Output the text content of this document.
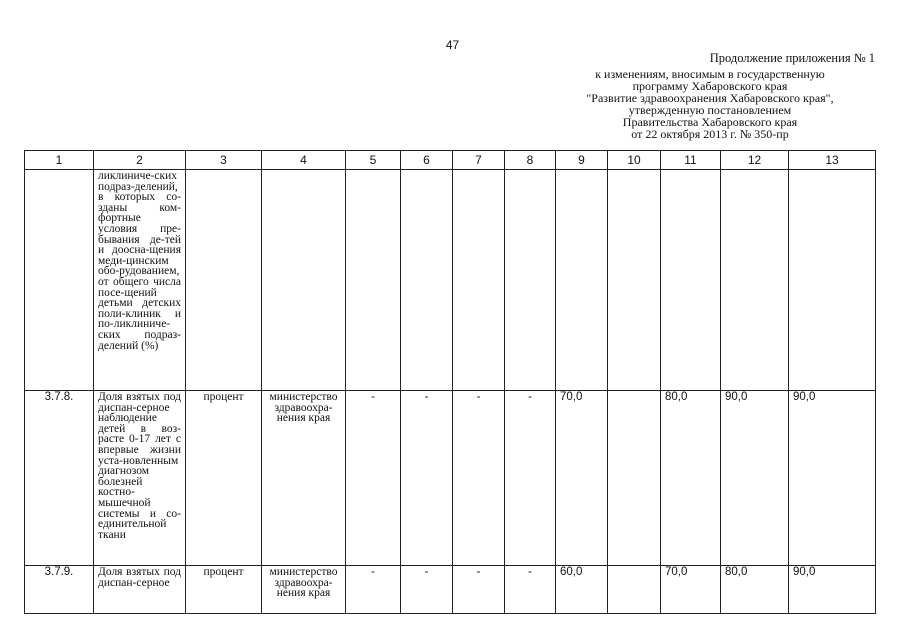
47
Продолжение приложения № 1
к изменениям, вносимым в государственную
программу Хабаровского края
"Развитие здравоохранения Хабаровского края",
утвержденную постановлением
Правительства Хабаровского края
от 22 октября 2013 г. № 350-пр
1	2	3	4	5	6	7	8	9	10	11	12	13
	ликлиниче-ских подраз-делений, в которых со-зданы ком-фортные условия пре-бывания де-тей и дооcна-щения меди-цинским обо-рудованием, от общего числа посе-щений детьми детских поли-клиник и по-ликлиниче-ских подраз-делений (%)											
3.7.8.	Доля взятых под диспан-серное наблюдение детей в воз-расте 0-17 лет с впервые жизни уста-новленным диагнозом болезней костно-мышечной системы и со-единительной ткани	процент	министерство здравоохра-нения края	-	-	-	-	70,0		80,0	90,0	90,0
3.7.9.	Доля взятых под диспан-серное	процент	министерство здравоохра-нения края	-	-	-	-	60,0		70,0	80,0	90,0
